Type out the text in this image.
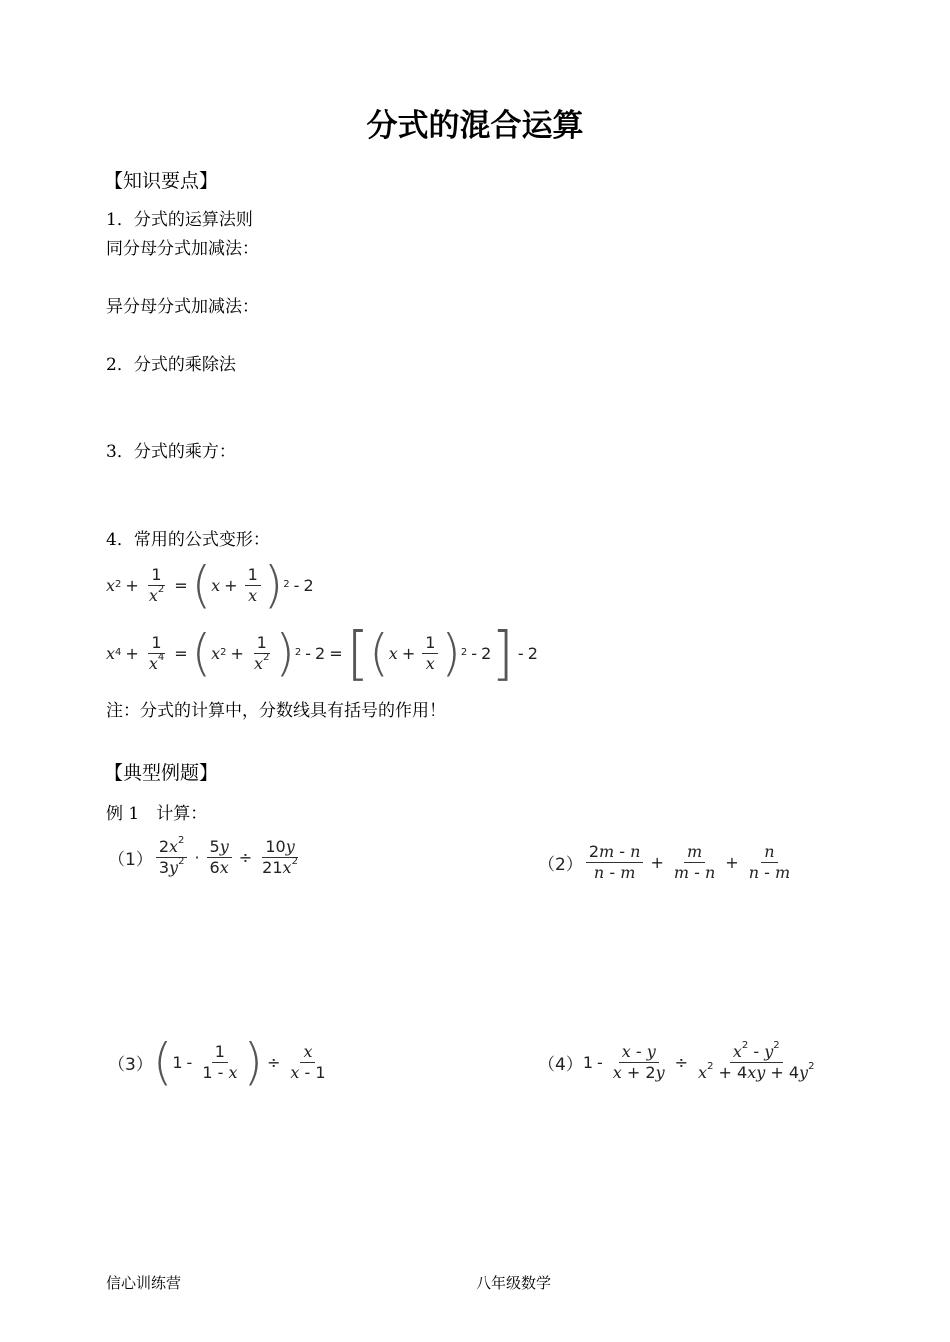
分式的混合运算
【知识要点】
1．分式的运算法则
同分母分式加减法：
异分母分式加减法：
2．分式的乘除法
3．分式的乘方：
4．常用的公式变形：
x $2 + \frac{1}{x^2}$ = ( $x + \frac{1}{x}$ ) 2 - 2
x $4 + \frac{1}{x^4}$ = ( x $2 + \frac{1}{x^2}$ ) 2 - 2 = [ ( $x + \frac{1}{x}$ ) 2 - 2 ] - 2
注：分式的计算中，分数线具有括号的作用！
【典型例题】
例 1　计算：
$(1) \frac{2x^2}{3y^2} \cdot \frac{5y}{6x} \div \frac{10y}{21x^2}$	$(2) \frac{2m - n}{n - m} + \frac{m}{m - n} + \frac{n}{n - m}$
（3） ( $1 - \frac{1}{1 - x}$ ) ÷ $\frac{x}{x - 1}$	（4） $1 - \frac{x - y}{x + 2y} \div \frac{x^2 - y^2}{x^2 + 4xy + 4y^2}$
信心训练营	八年级数学
